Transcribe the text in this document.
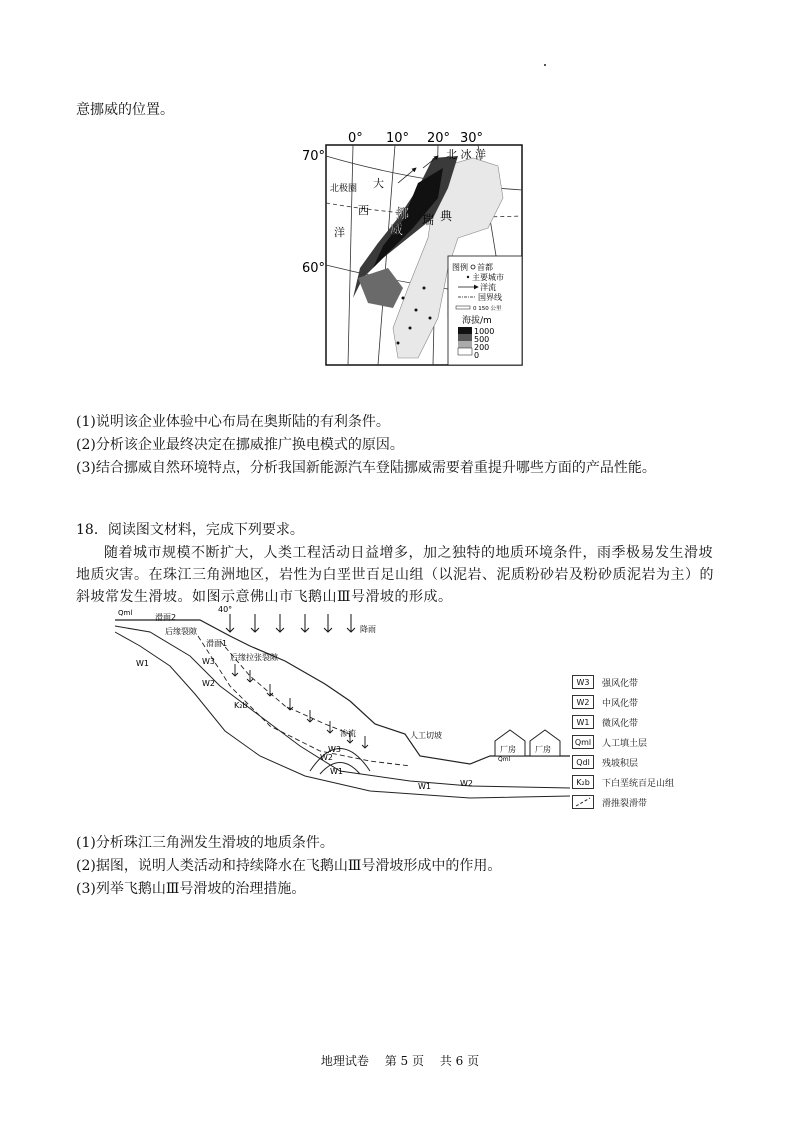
意挪威的位置。
0° 10° 20° 30°
70°
60°
北 冰 洋
北极圈 大
西
洋
挪
威
瑞 典
图例 首都
主要城市
洋流
国界线
0 150 公里
海拔/m
1000
500
200
0
(1)说明该企业体验中心布局在奥斯陆的有利条件。
(2)分析该企业最终决定在挪威推广换电模式的原因。
(3)结合挪威自然环境特点，分析我国新能源汽车登陆挪威需要着重提升哪些方面的产品性能。
18．阅读图文材料，完成下列要求。
随着城市规模不断扩大，人类工程活动日益增多，加之独特的地质环境条件，雨季极易发生滑坡地质灾害。在珠江三角洲地区，岩性为白垩世百足山组（以泥岩、泥质粉砂岩及粉砂质泥岩为主）的斜坡常发生滑坡。如图示意佛山市飞鹅山Ⅲ号滑坡的形成。
Qml	滑面2
40°
后缘裂隙	降雨
滑面1
后缘拉张裂隙
W1	W3
W2
K₂b
渗流	人工切坡
W3
W2
W1
W1	W2
厂房 厂房
Qml
W3	强风化带
W2	中风化带
W1	微风化带
Qml	人工填土层
Qdl	残坡积层
K₂b	下白垩统百足山组
滑推裂滑带
(1)分析珠江三角洲发生滑坡的地质条件。
(2)据图，说明人类活动和持续降水在飞鹅山Ⅲ号滑坡形成中的作用。
(3)列举飞鹅山Ⅲ号滑坡的治理措施。
地理试卷 第 5 页 共 6 页
